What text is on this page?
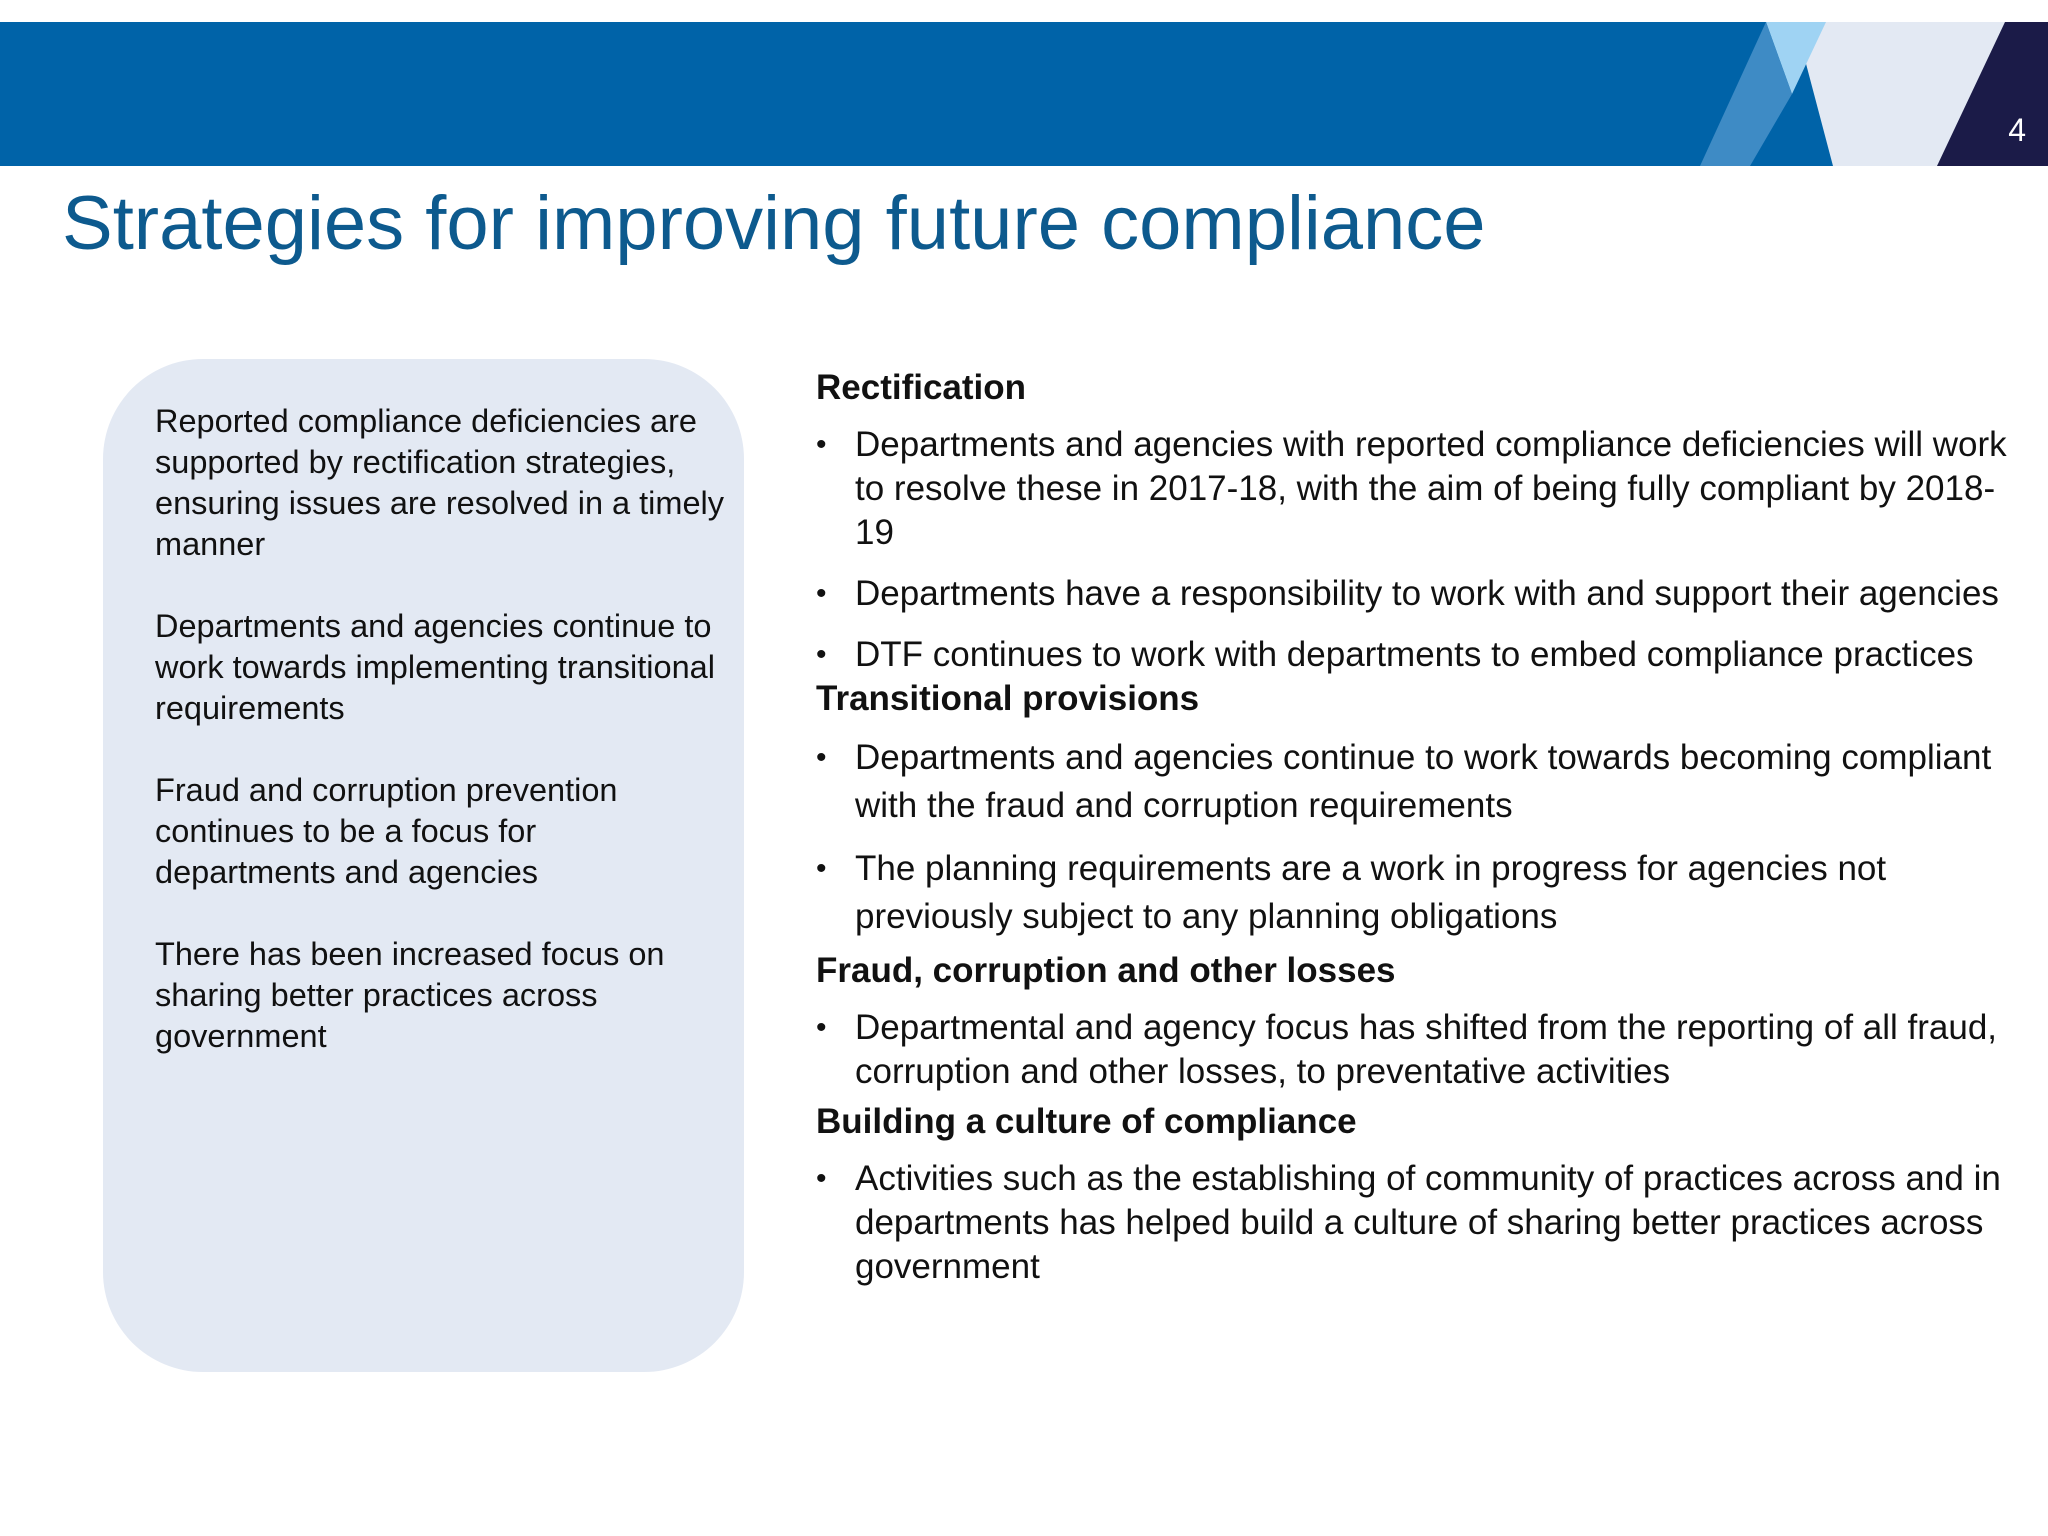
4
Strategies for improving future compliance

Reported compliance deficiencies are supported by rectification strategies, ensuring issues are resolved in a timely manner

Departments and agencies continue to work towards implementing transitional requirements

Fraud and corruption prevention continues to be a focus for departments and agencies

There has been increased focus on sharing better practices across government

Rectification
• Departments and agencies with reported compliance deficiencies will work to resolve these in 2017-18, with the aim of being fully compliant by 2018-19
• Departments have a responsibility to work with and support their agencies
• DTF continues to work with departments to embed compliance practices
Transitional provisions
• Departments and agencies continue to work towards becoming compliant with the fraud and corruption requirements
• The planning requirements are a work in progress for agencies not previously subject to any planning obligations
Fraud, corruption and other losses
• Departmental and agency focus has shifted from the reporting of all fraud, corruption and other losses, to preventative activities
Building a culture of compliance
• Activities such as the establishing of community of practices across and in departments has helped build a culture of sharing better practices across government
